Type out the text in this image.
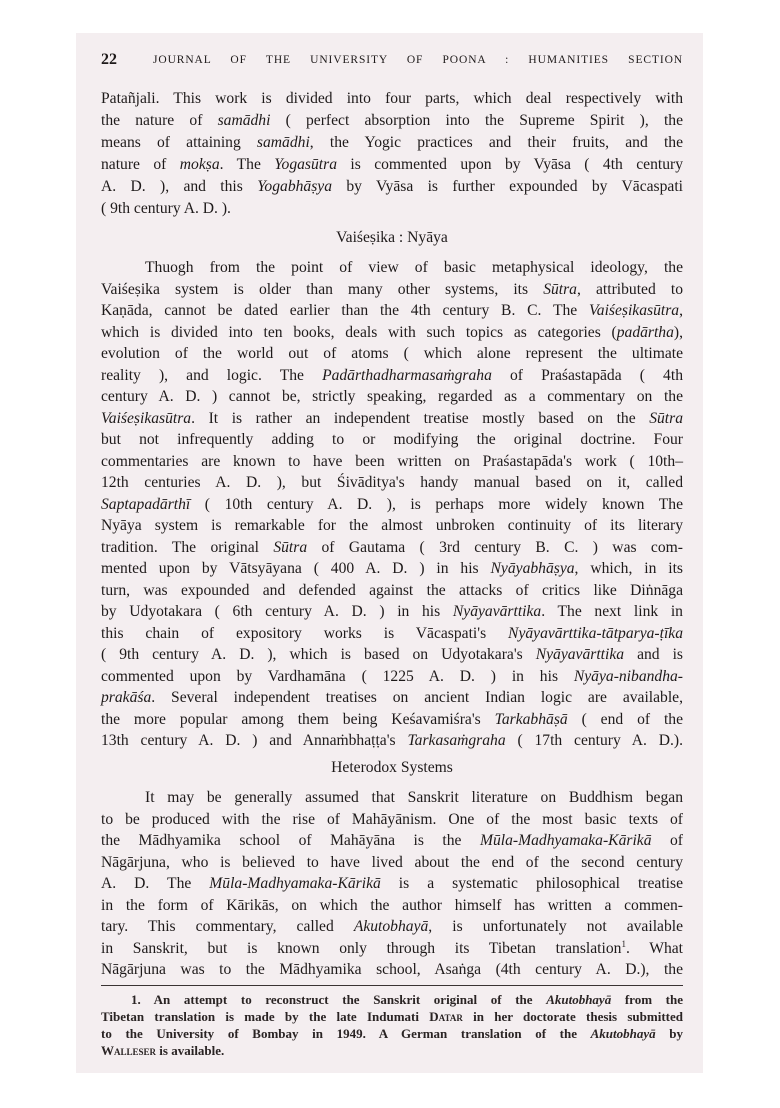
22	JOURNAL OF THE UNIVERSITY OF POONA : HUMANITIES SECTION
Patañjali. This work is divided into four parts, which deal respectively with
the nature of samādhi ( perfect absorption into the Supreme Spirit ), the
means of attaining samādhi, the Yogic practices and their fruits, and the
nature of mokṣa. The Yogasūtra is commented upon by Vyāsa ( 4th century
A. D. ), and this Yogabhāṣya by Vyāsa is further expounded by Vācaspati
( 9th century A. D. ).
Vaiśeṣika : Nyāya
Thuogh from the point of view of basic metaphysical ideology, the
Vaiśeṣika system is older than many other systems, its Sūtra, attributed to
Kaṇāda, cannot be dated earlier than the 4th century B. C. The Vaiśeṣikasūtra,
which is divided into ten books, deals with such topics as categories (padārtha),
evolution of the world out of atoms ( which alone represent the ultimate
reality ), and logic. The Padārthadharmasaṁgraha of Praśastapāda ( 4th
century A. D. ) cannot be, strictly speaking, regarded as a commentary on the
Vaiśeṣikasūtra. It is rather an independent treatise mostly based on the Sūtra
but not infrequently adding to or modifying the original doctrine. Four
commentaries are known to have been written on Praśastapāda's work ( 10th–
12th centuries A. D. ), but Śivāditya's handy manual based on it, called
Saptapadārthī ( 10th century A. D. ), is perhaps more widely known The
Nyāya system is remarkable for the almost unbroken continuity of its literary
tradition. The original Sūtra of Gautama ( 3rd century B. C. ) was com-
mented upon by Vātsyāyana ( 400 A. D. ) in his Nyāyabhāṣya, which, in its
turn, was expounded and defended against the attacks of critics like Diṅnāga
by Udyotakara ( 6th century A. D. ) in his Nyāyavārttika. The next link in
this chain of expository works is Vācaspati's Nyāyavārttika-tātparya-ṭīka
( 9th century A. D. ), which is based on Udyotakara's Nyāyavārttika and is
commented upon by Vardhamāna ( 1225 A. D. ) in his Nyāya-nibandha-
prakāśa. Several independent treatises on ancient Indian logic are available,
the more popular among them being Keśavamiśra's Tarkabhāṣā ( end of the
13th century A. D. ) and Annaṁbhaṭṭa's Tarkasaṁgraha ( 17th century A. D.).
Heterodox Systems
It may be generally assumed that Sanskrit literature on Buddhism began
to be produced with the rise of Mahāyānism. One of the most basic texts of
the Mādhyamika school of Mahāyāna is the Mūla-Madhyamaka-Kārikā of
Nāgārjuna, who is believed to have lived about the end of the second century
A. D. The Mūla-Madhyamaka-Kārikā is a systematic philosophical treatise
in the form of Kārikās, on which the author himself has written a commen-
tary. This commentary, called Akutobhayā, is unfortunately not available
in Sanskrit, but is known only through its Tibetan translation$^1$. What
Nāgārjuna was to the Mādhyamika school, Asaṅga (4th century A. D.), the
1. An attempt to reconstruct the Sanskrit original of the Akutobhayā from the
Tibetan translation is made by the late Indumati Datar in her doctorate thesis submitted
to the University of Bombay in 1949. A German translation of the Akutobhayā by
Walleser is available.
